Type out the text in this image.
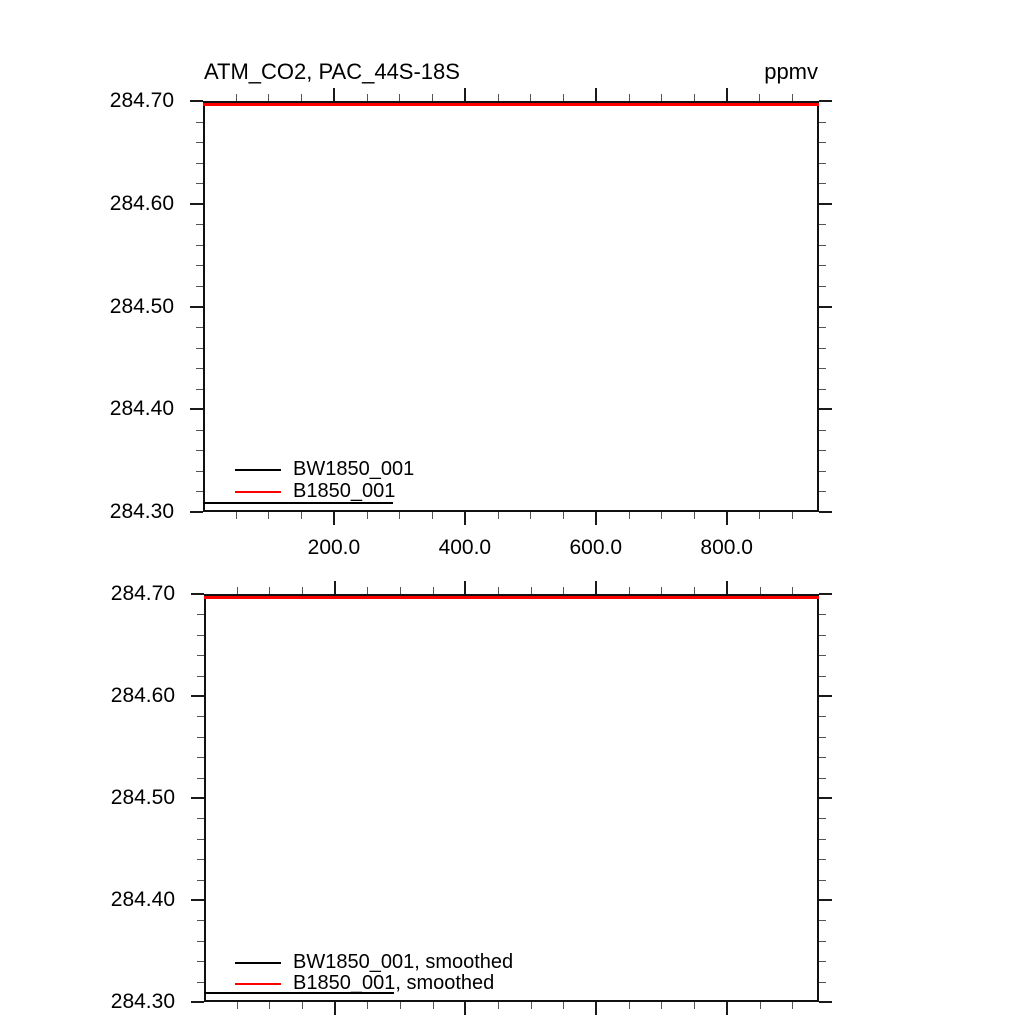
ATM_CO2, PAC_44S-18S	ppmv
200.0	400.0	600.0	800.0
284.30
284.40
284.50
284.60
284.70
BW1850_001
B1850_001
284.30
284.40
284.50
284.60
284.70
BW1850_001, smoothed
B1850_001, smoothed
